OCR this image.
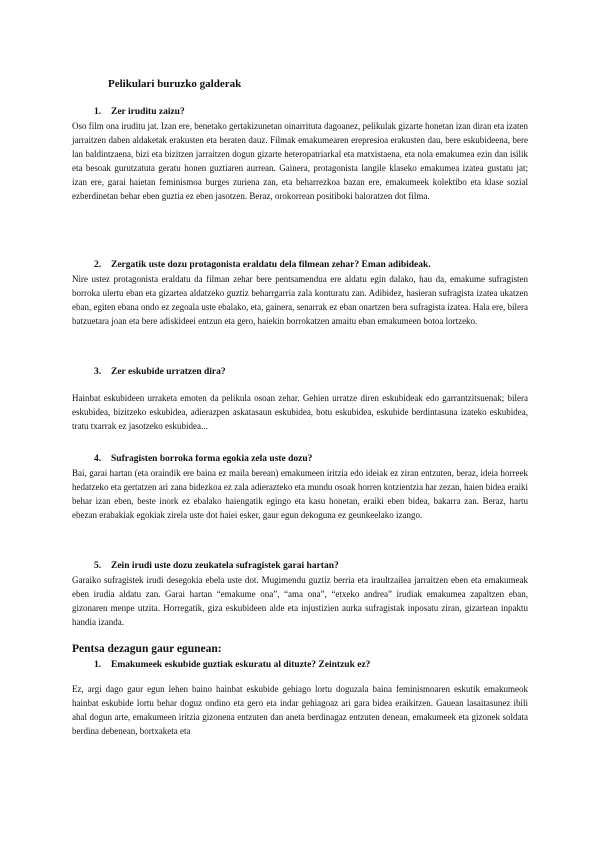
Pelikulari buruzko galderak

1. Zer iruditu zaizu?

Oso film ona iruditu jat. Izan ere, benetako gertakizunetan oinarrituta dagoanez, pelikulak gizarte honetan izan diran eta izaten jarraitzen daben aldaketak erakusten eta beraten dauz. Filmak emakumearen erepresioa erakusten dau, bere eskubideena, bere lan baldintzaena, bizi eta bizitzen jarraitzen dogun gizarte heteropatriarkal eta matxistaena, eta nola emakumea ezin dan isilik eta besoak gurutzatuta geratu honen guztiaren aurrean. Gainera, protagonista langile klaseko emakumea izatea gustatu jat; izan ere, garai haietan feminismoa burges zuriena zan, eta beharrezkoa bazan ere, emakumeek kolektibo eta klase sozial ezberdinetan behar eben guztia ez eben jasotzen. Beraz, orokorrean positiboki baloratzen dot filma.

2. Zergatik uste dozu protagonista eraldatu dela filmean zehar? Eman adibideak.

Nire ustez protagonista eraldatu da filman zehar bere pentsamendua ere aldatu egin dalako, hau da, emakume sufragisten borroka ulertu eban eta gizartea aldatzeko guztiz beharrgarria zala konturatu zan. Adibidez, hasieran sufragista izatea ukatzen eban, egiten ebana ondo ez zegoala uste ebalako, eta, gainera, senarrak ez eban onartzen bera sufragista izatea. Hala ere, bilera batzuetara joan eta bere adiskideei entzun eta gero, haiekin borrokatzen amaitu eban emakumeen botoa lortzeko.

3. Zer eskubide urratzen dira?

Hainbat eskubideen urraketa emoten da pelikula osoan zehar. Gehien urratze diren eskubideak edo garrantzitsuenak; bilera eskubidea, bizitzeko eskubidea, adierazpen askatasaun eskubidea, botu eskubidea, eskubide berdintasuna izateko eskubidea, tratu txarrak ez jasotzeko eskubidea...

4. Sufragisten borroka forma egokia zela uste dozu?

Bai, garai hartan (eta oraindik ere baina ez maila berean) emakumeen iritzia edo ideiak ez ziran entzuten, beraz, ideia horreek hedatzeko eta gertatzen ari zana bidezkoa ez zala adierazteko eta mundu osoak horren kotzientzia har zezan, haien bidea eraiki behar izan eben, beste inork ez ebalako haiengatik egingo eta kasu honetan, eraiki eben bidea, bakarra zan. Beraz, hartu ebezan erabakiak egokiak zirela uste dot haiei esker, gaur egun dekoguna ez geunkeelako izango.

5. Zein irudi uste dozu zeukatela sufragistek garai hartan?

Garaiko sufragistek irudi desegokia ebela uste dot. Mugimendu guztiz berria eta iraultzailea jarraitzen eben eta emakumeak eben irudia aldatu zan. Garai hartan “emakume ona”, “ama ona”, “etxeko andrea” irudiak emakumea zapaltzen eban, gizonaren menpe utzita. Horregatik, giza eskubideen alde eta injustizien aurka sufragistak inposatu ziran, gizartean inpaktu handia izanda.

Pentsa dezagun gaur egunean:

1. Emakumeek eskubide guztiak eskuratu al dituzte? Zeintzuk ez?

Ez, argi dago gaur egun lehen baino hainbat eskubide gehiago lortu doguzala baina feminismoaren eskutik emakumeok hainbat eskubide lortu behar doguz ondino eta gero eta indar gehiagoaz ari gara bidea eraikitzen. Gauean lasaitasunez ibili ahal dogun arte, emakumeen iritzia gizonena entzuten dan aneta berdinagaz entzuten denean, emakumeek eta gizonek soldata berdina debenean, bortxaketa eta
